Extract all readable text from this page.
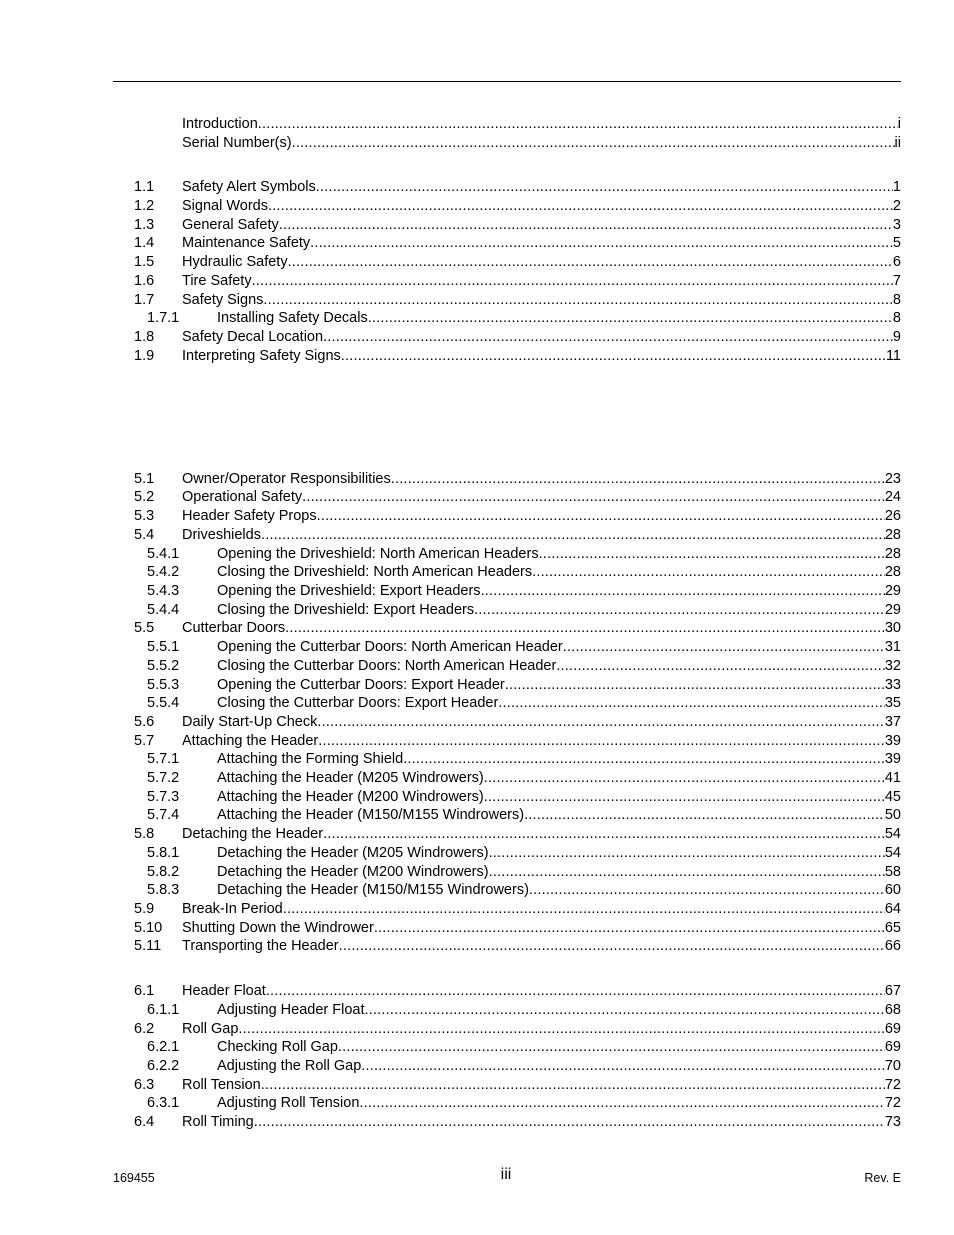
Introduction .....	i
Serial Number(s) .....	ii
1.1 Safety Alert Symbols .....	1
1.2 Signal Words .....	2
1.3 General Safety .....	3
1.4 Maintenance Safety .....	5
1.5 Hydraulic Safety .....	6
1.6 Tire Safety .....	7
1.7 Safety Signs .....	8
1.7.1	Installing Safety Decals .....	8
1.8 Safety Decal Location .....	9
1.9 Interpreting Safety Signs .....	11
5.1 Owner/Operator Responsibilities .....	23
5.2 Operational Safety .....	24
5.3 Header Safety Props .....	26
5.4 Driveshields .....	28
5.4.1	Opening the Driveshield: North American Headers .....	28
5.4.2	Closing the Driveshield: North American Headers .....	28
5.4.3	Opening the Driveshield: Export Headers .....	29
5.4.4	Closing the Driveshield: Export Headers .....	29
5.5 Cutterbar Doors .....	30
5.5.1	Opening the Cutterbar Doors: North American Header .....	31
5.5.2	Closing the Cutterbar Doors: North American Header .....	32
5.5.3	Opening the Cutterbar Doors: Export Header .....	33
5.5.4	Closing the Cutterbar Doors: Export Header .....	35
5.6 Daily Start-Up Check .....	37
5.7 Attaching the Header .....	39
5.7.1	Attaching the Forming Shield .....	39
5.7.2	Attaching the Header (M205 Windrowers) .....	41
5.7.3	Attaching the Header (M200 Windrowers) .....	45
5.7.4	Attaching the Header (M150/M155 Windrowers) .....	50
5.8 Detaching the Header .....	54
5.8.1	Detaching the Header (M205 Windrowers) .....	54
5.8.2	Detaching the Header (M200 Windrowers) .....	58
5.8.3	Detaching the Header (M150/M155 Windrowers) .....	60
5.9 Break-In Period .....	64
5.10 Shutting Down the Windrower .....	65
5.11 Transporting the Header .....	66
6.1 Header Float .....	67
6.1.1	Adjusting Header Float .....	68
6.2 Roll Gap .....	69
6.2.1	Checking Roll Gap .....	69
6.2.2	Adjusting the Roll Gap .....	70
6.3 Roll Tension .....	72
6.3.1	Adjusting Roll Tension .....	72
6.4 Roll Timing .....	73
169455	iii	Rev. E
